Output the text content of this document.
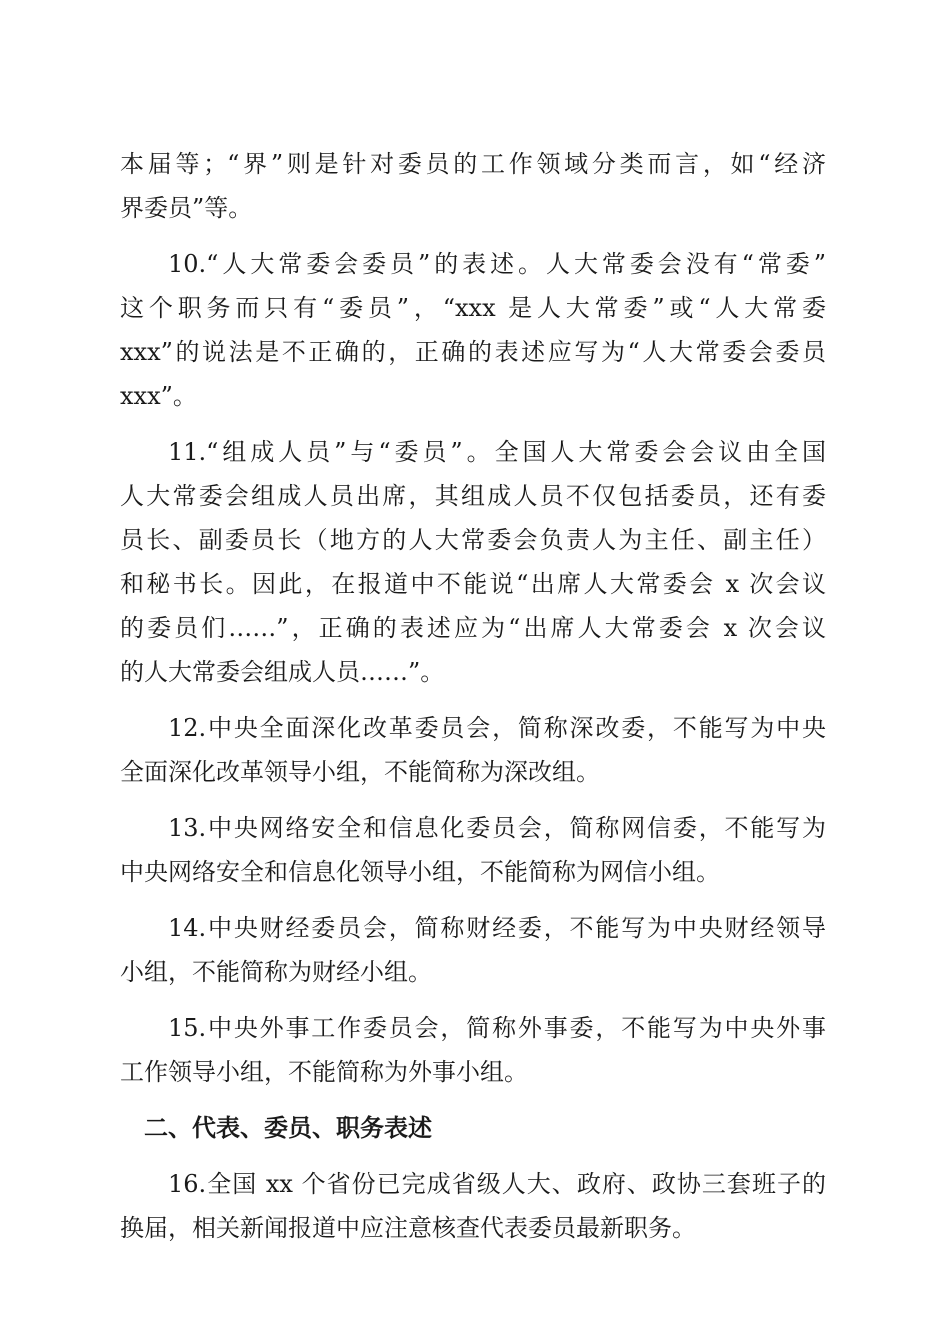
本届等；“界”则是针对委员的工作领域分类而言，如“经济
界委员”等。
10.“人大常委会委员”的表述。人大常委会没有“常委”
这个职务而只有“委员”，“xxx 是人大常委”或“人大常委
xxx”的说法是不正确的，正确的表述应写为“人大常委会委员
xxx”。
11.“组成人员”与“委员”。全国人大常委会会议由全国
人大常委会组成人员出席，其组成人员不仅包括委员，还有委
员长、副委员长（地方的人大常委会负责人为主任、副主任）
和秘书长。因此，在报道中不能说“出席人大常委会 x 次会议
的委员们……”，正确的表述应为“出席人大常委会 x 次会议
的人大常委会组成人员……”。
12.中央全面深化改革委员会，简称深改委，不能写为中央
全面深化改革领导小组，不能简称为深改组。
13.中央网络安全和信息化委员会，简称网信委，不能写为
中央网络安全和信息化领导小组，不能简称为网信小组。
14.中央财经委员会，简称财经委，不能写为中央财经领导
小组，不能简称为财经小组。
15.中央外事工作委员会，简称外事委，不能写为中央外事
工作领导小组，不能简称为外事小组。
二、代表、委员、职务表述
16.全国 xx 个省份已完成省级人大、政府、政协三套班子的
换届，相关新闻报道中应注意核查代表委员最新职务。
